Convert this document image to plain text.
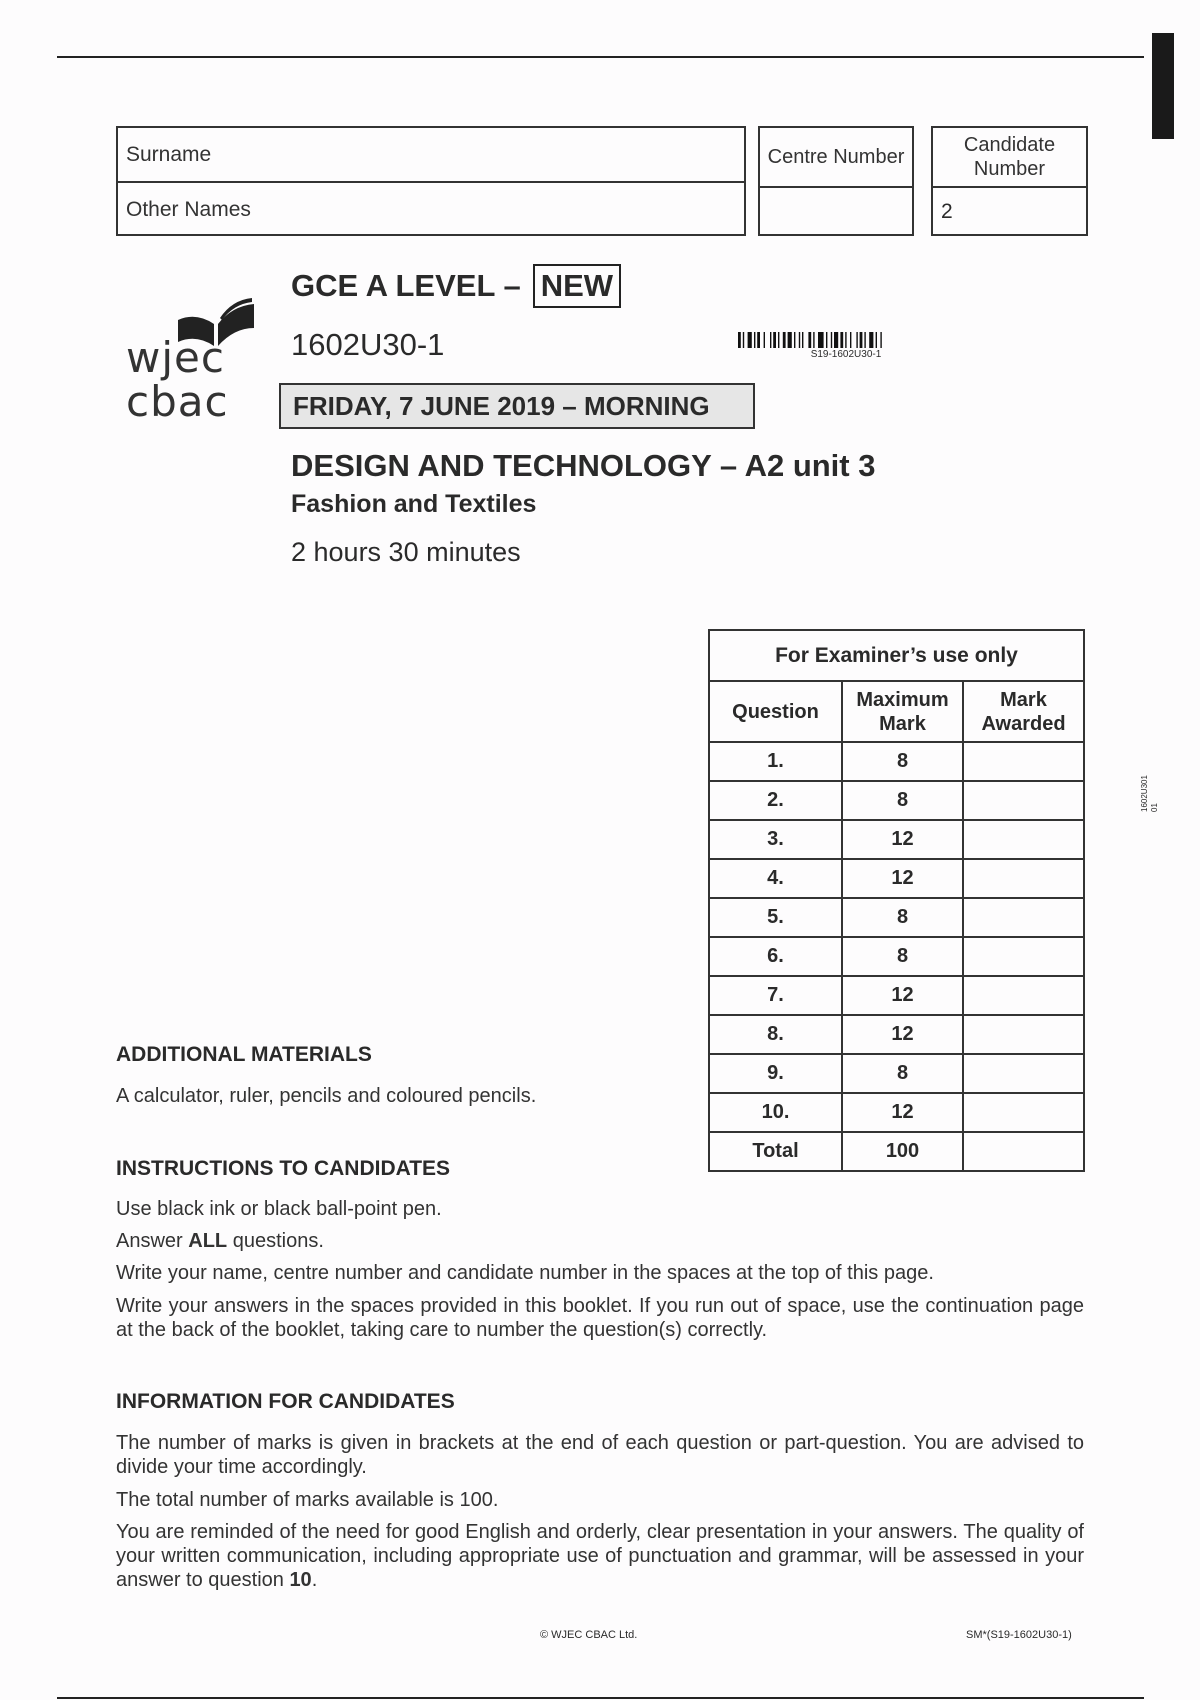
Surname
Other Names
Centre Number
Candidate Number
2
wjec
cbac
GCE A LEVEL – NEW
1602U30-1	S19-1602U30-1
FRIDAY, 7 JUNE 2019 – MORNING
DESIGN AND TECHNOLOGY – A2 unit 3
Fashion and Textiles
2 hours 30 minutes
For Examiner’s use only		
Question	Maximum Mark	Mark Awarded
1.	8	
2.	8	
3.	12	
4.	12	
5.	8	
6.	8	
7.	12	
8.	12	
9.	8	
10.	12	
Total	100	
ADDITIONAL MATERIALS
A calculator, ruler, pencils and coloured pencils.
INSTRUCTIONS TO CANDIDATES
Use black ink or black ball-point pen.
Answer ALL questions.
Write your name, centre number and candidate number in the spaces at the top of this page.
Write your answers in the spaces provided in this booklet. If you run out of space, use the continuation page at the back of the booklet, taking care to number the question(s) correctly.
INFORMATION FOR CANDIDATES
The number of marks is given in brackets at the end of each question or part-question. You are advised to divide your time accordingly.
The total number of marks available is 100.
You are reminded of the need for good English and orderly, clear presentation in your answers. The quality of your written communication, including appropriate use of punctuation and grammar, will be assessed in your answer to question 10.
© WJEC CBAC Ltd.	SM*(S19-1602U30-1)
1602U301
01
